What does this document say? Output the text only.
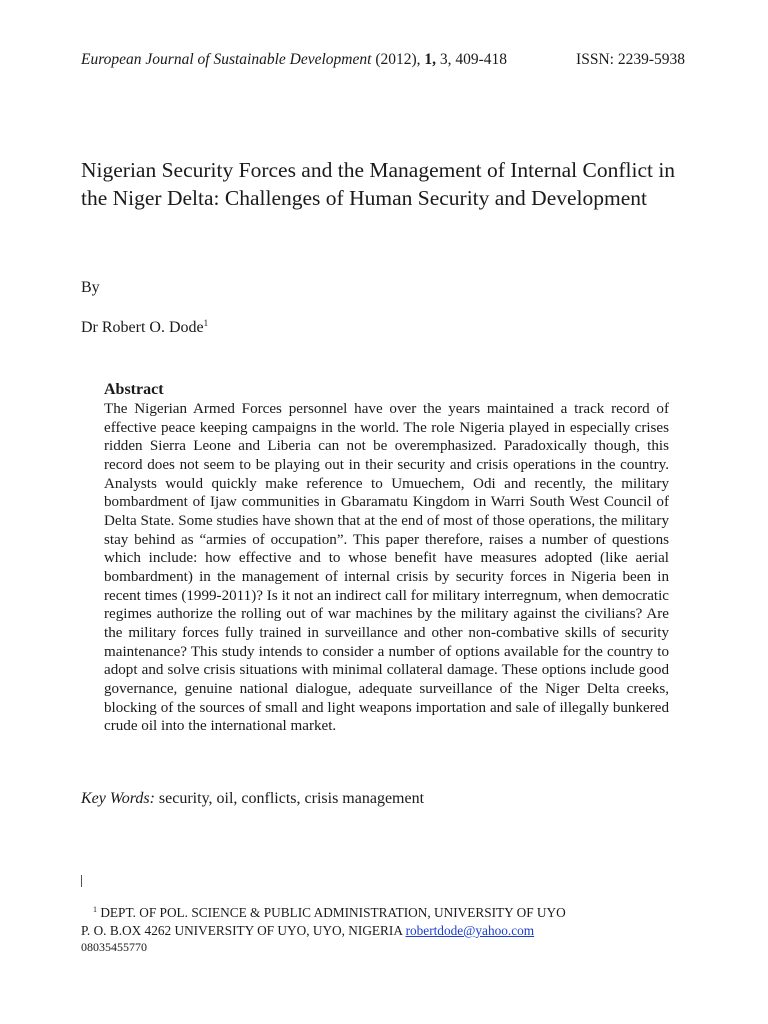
European Journal of Sustainable Development (2012), 1, 3, 409-418	ISSN: 2239-5938
Nigerian Security Forces and the Management of Internal Conflict in the Niger Delta: Challenges of Human Security and Development
By
Dr Robert O. Dode$^1$

Abstract

The Nigerian Armed Forces personnel have over the years maintained a track record of effective peace keeping campaigns in the world. The role Nigeria played in especially crises ridden Sierra Leone and Liberia can not be overemphasized. Paradoxically though, this record does not seem to be playing out in their security and crisis operations in the country. Analysts would quickly make reference to Umuechem, Odi and recently, the military bombardment of Ijaw communities in Gbaramatu Kingdom in Warri South West Council of Delta State. Some studies have shown that at the end of most of those operations, the military stay behind as “armies of occupation”. This paper therefore, raises a number of questions which include: how effective and to whose benefit have measures adopted (like aerial bombardment) in the management of internal crisis by security forces in Nigeria been in recent times (1999-2011)? Is it not an indirect call for military interregnum, when democratic regimes authorize the rolling out of war machines by the military against the civilians? Are the military forces fully trained in surveillance and other non-combative skills of security maintenance? This study intends to consider a number of options available for the country to adopt and solve crisis situations with minimal collateral damage. These options include good governance, genuine national dialogue, adequate surveillance of the Niger Delta creeks, blocking of the sources of small and light weapons importation and sale of illegally bunkered crude oil into the international market.

Key Words: security, oil, conflicts, crisis management
$^1$ DEPT. OF POL. SCIENCE & PUBLIC ADMINISTRATION, UNIVERSITY OF UYO
P. O. B.OX 4262 UNIVERSITY OF UYO, UYO, NIGERIA robertdode@yahoo.com
08035455770
